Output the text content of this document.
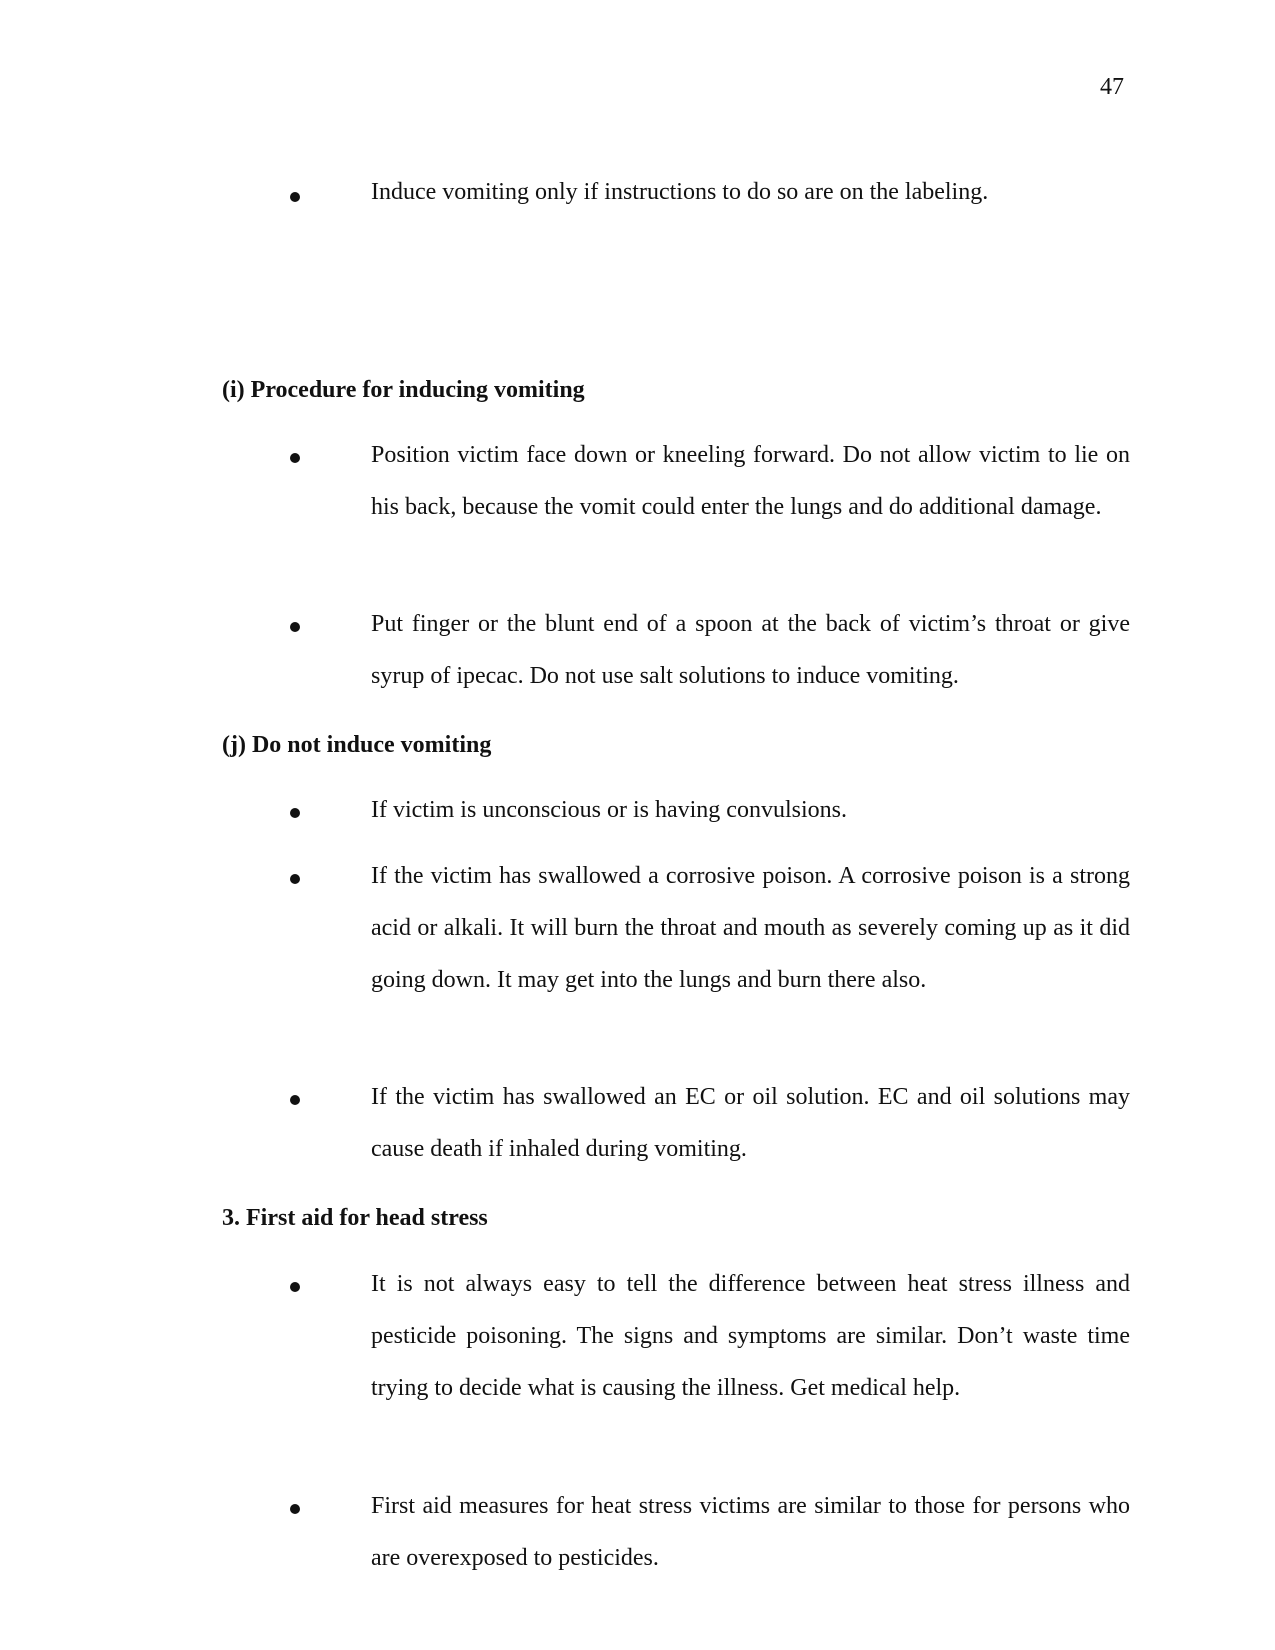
47

Induce vomiting only if instructions to do so are on the labeling.

(i) Procedure for inducing vomiting

Position victim face down or kneeling forward. Do not allow victim to lie on his back, because the vomit could enter the lungs and do additional damage.

Put finger or the blunt end of a spoon at the back of victim’s throat or give syrup of ipecac. Do not use salt solutions to induce vomiting.

(j) Do not induce vomiting

If victim is unconscious or is having convulsions.

If the victim has swallowed a corrosive poison. A corrosive poison is a strong acid or alkali. It will burn the throat and mouth as severely coming up as it did going down. It may get into the lungs and burn there also.

If the victim has swallowed an EC or oil solution. EC and oil solutions may cause death if inhaled during vomiting.

3. First aid for head stress

It is not always easy to tell the difference between heat stress illness and pesticide poisoning. The signs and symptoms are similar. Don’t waste time trying to decide what is causing the illness. Get medical help.

First aid measures for heat stress victims are similar to those for persons who are overexposed to pesticides.
